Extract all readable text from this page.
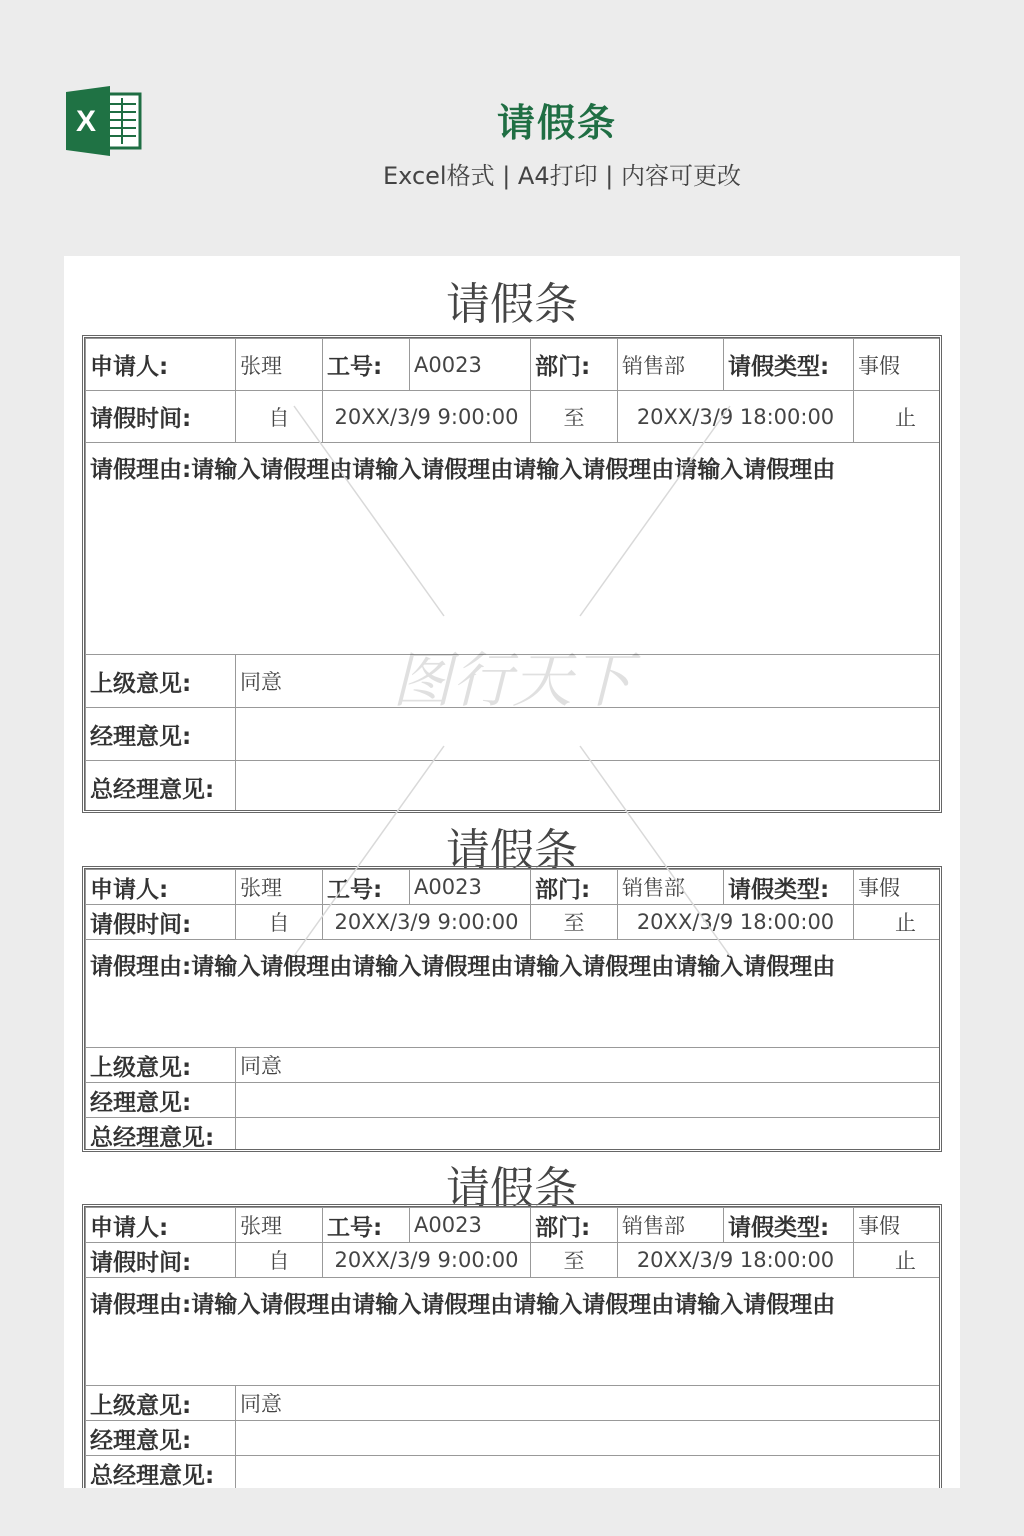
X	请假条
Excel格式 | A4打印 | 内容可更改
请假条
申请人:	张理	工号:	A0023	部门:	销售部	请假类型:	事假
请假时间:	自	20XX/3/9 9:00:00		至	20XX/3/9 18:00:00		止
请假理由:请输入请假理由请输入请假理由请输入请假理由请输入请假理由							
上级意见:	同意						
经理意见:							
总经理意见:							
请假条
申请人:	张理	工号:	A0023	部门:	销售部	请假类型:	事假
请假时间:	自	20XX/3/9 9:00:00		至	20XX/3/9 18:00:00		止
请假理由:请输入请假理由请输入请假理由请输入请假理由请输入请假理由							
上级意见:	同意						
经理意见:							
总经理意见:							
请假条
申请人:	张理	工号:	A0023	部门:	销售部	请假类型:	事假
请假时间:	自	20XX/3/9 9:00:00		至	20XX/3/9 18:00:00		止
请假理由:请输入请假理由请输入请假理由请输入请假理由请输入请假理由							
上级意见:	同意						
经理意见:							
总经理意见:							
图行天下
